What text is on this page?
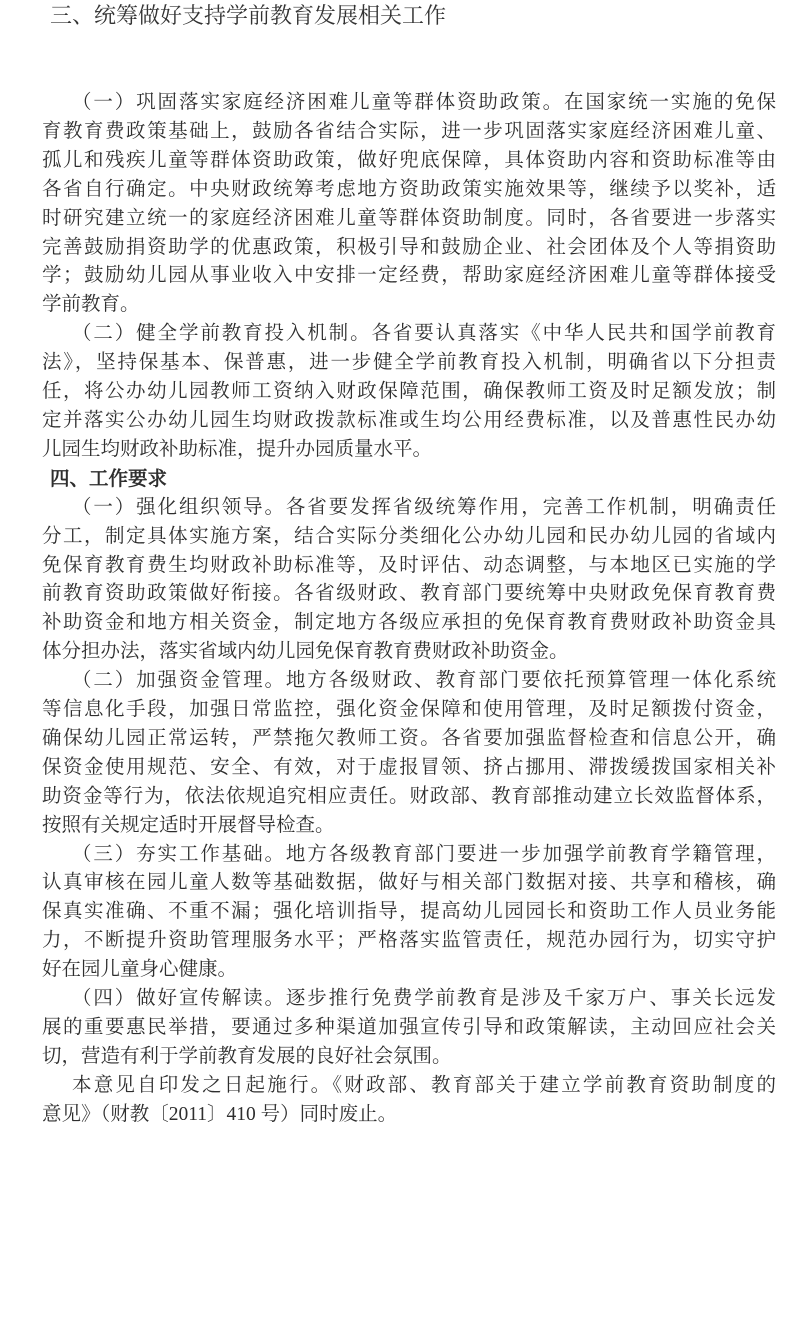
三、统筹做好支持学前教育发展相关工作
（一）巩固落实家庭经济困难儿童等群体资助政策。在国家统一实施的免保
育教育费政策基础上，鼓励各省结合实际，进一步巩固落实家庭经济困难儿童、
孤儿和残疾儿童等群体资助政策，做好兜底保障，具体资助内容和资助标准等由
各省自行确定。中央财政统筹考虑地方资助政策实施效果等，继续予以奖补，适
时研究建立统一的家庭经济困难儿童等群体资助制度。同时，各省要进一步落实
完善鼓励捐资助学的优惠政策，积极引导和鼓励企业、社会团体及个人等捐资助
学；鼓励幼儿园从事业收入中安排一定经费，帮助家庭经济困难儿童等群体接受
学前教育。
（二）健全学前教育投入机制。各省要认真落实《中华人民共和国学前教育
法》，坚持保基本、保普惠，进一步健全学前教育投入机制，明确省以下分担责
任，将公办幼儿园教师工资纳入财政保障范围，确保教师工资及时足额发放；制
定并落实公办幼儿园生均财政拨款标准或生均公用经费标准，以及普惠性民办幼
儿园生均财政补助标准，提升办园质量水平。
四、工作要求
（一）强化组织领导。各省要发挥省级统筹作用，完善工作机制，明确责任
分工，制定具体实施方案，结合实际分类细化公办幼儿园和民办幼儿园的省域内
免保育教育费生均财政补助标准等，及时评估、动态调整，与本地区已实施的学
前教育资助政策做好衔接。各省级财政、教育部门要统筹中央财政免保育教育费
补助资金和地方相关资金，制定地方各级应承担的免保育教育费财政补助资金具
体分担办法，落实省域内幼儿园免保育教育费财政补助资金。
（二）加强资金管理。地方各级财政、教育部门要依托预算管理一体化系统
等信息化手段，加强日常监控，强化资金保障和使用管理，及时足额拨付资金，
确保幼儿园正常运转，严禁拖欠教师工资。各省要加强监督检查和信息公开，确
保资金使用规范、安全、有效，对于虚报冒领、挤占挪用、滞拨缓拨国家相关补
助资金等行为，依法依规追究相应责任。财政部、教育部推动建立长效监督体系，
按照有关规定适时开展督导检查。
（三）夯实工作基础。地方各级教育部门要进一步加强学前教育学籍管理，
认真审核在园儿童人数等基础数据，做好与相关部门数据对接、共享和稽核，确
保真实准确、不重不漏；强化培训指导，提高幼儿园园长和资助工作人员业务能
力，不断提升资助管理服务水平；严格落实监管责任，规范办园行为，切实守护
好在园儿童身心健康。
（四）做好宣传解读。逐步推行免费学前教育是涉及千家万户、事关长远发
展的重要惠民举措，要通过多种渠道加强宣传引导和政策解读，主动回应社会关
切，营造有利于学前教育发展的良好社会氛围。
本意见自印发之日起施行。《财政部、教育部关于建立学前教育资助制度的
意见》（财教〔2011〕410 号）同时废止。
